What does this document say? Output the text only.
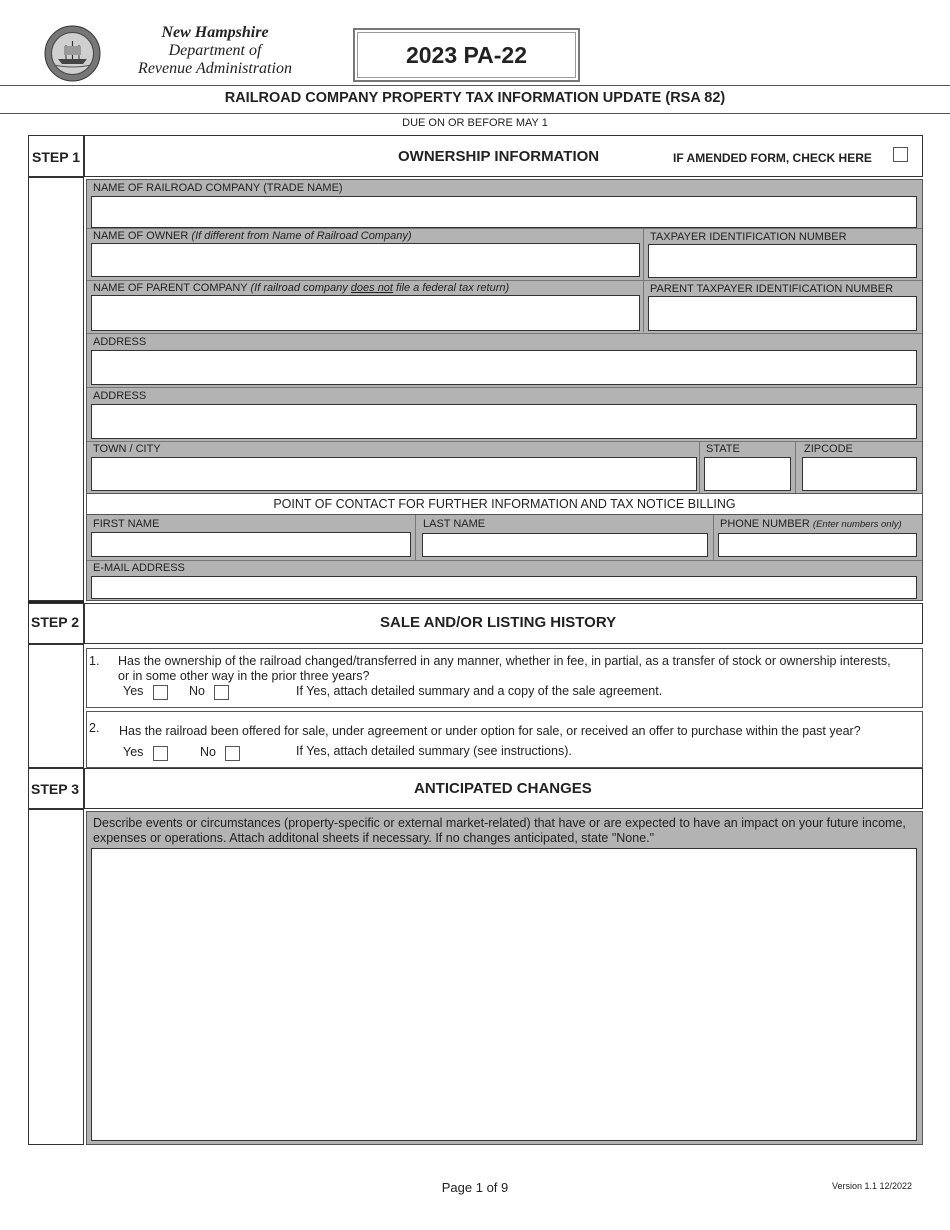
New Hampshire
Department of
Revenue Administration
2023 PA-22
RAILROAD COMPANY PROPERTY TAX INFORMATION UPDATE (RSA 82)
DUE ON OR BEFORE MAY 1
STEP 1	OWNERSHIP INFORMATION	IF AMENDED FORM, CHECK HERE
NAME OF RAILROAD COMPANY (TRADE NAME)
NAME OF OWNER (If different from Name of Railroad Company)	TAXPAYER IDENTIFICATION NUMBER
NAME OF PARENT COMPANY (If railroad company does not file a federal tax return)	PARENT TAXPAYER IDENTIFICATION NUMBER
ADDRESS
ADDRESS
TOWN / CITY	STATE	ZIPCODE
POINT OF CONTACT FOR FURTHER INFORMATION AND TAX NOTICE BILLING
FIRST NAME	LAST NAME	PHONE NUMBER (Enter numbers only)
E-MAIL ADDRESS
STEP 2	SALE AND/OR LISTING HISTORY
1. Has the ownership of the railroad changed/transferred in any manner, whether in fee, in partial, as a transfer of stock or ownership interests,
or in some other way in the prior three years?
Yes	No	If Yes, attach detailed summary and a copy of the sale agreement.
2. Has the railroad been offered for sale, under agreement or under option for sale, or received an offer to purchase within the past year?
Yes	No	If Yes, attach detailed summary (see instructions).
STEP 3	ANTICIPATED CHANGES
Describe events or circumstances (property-specific or external market-related) that have or are expected to have an impact on your future income,
expenses or operations. Attach additonal sheets if necessary. If no changes anticipated, state "None."
Page 1 of 9	Version 1.1 12/2022
